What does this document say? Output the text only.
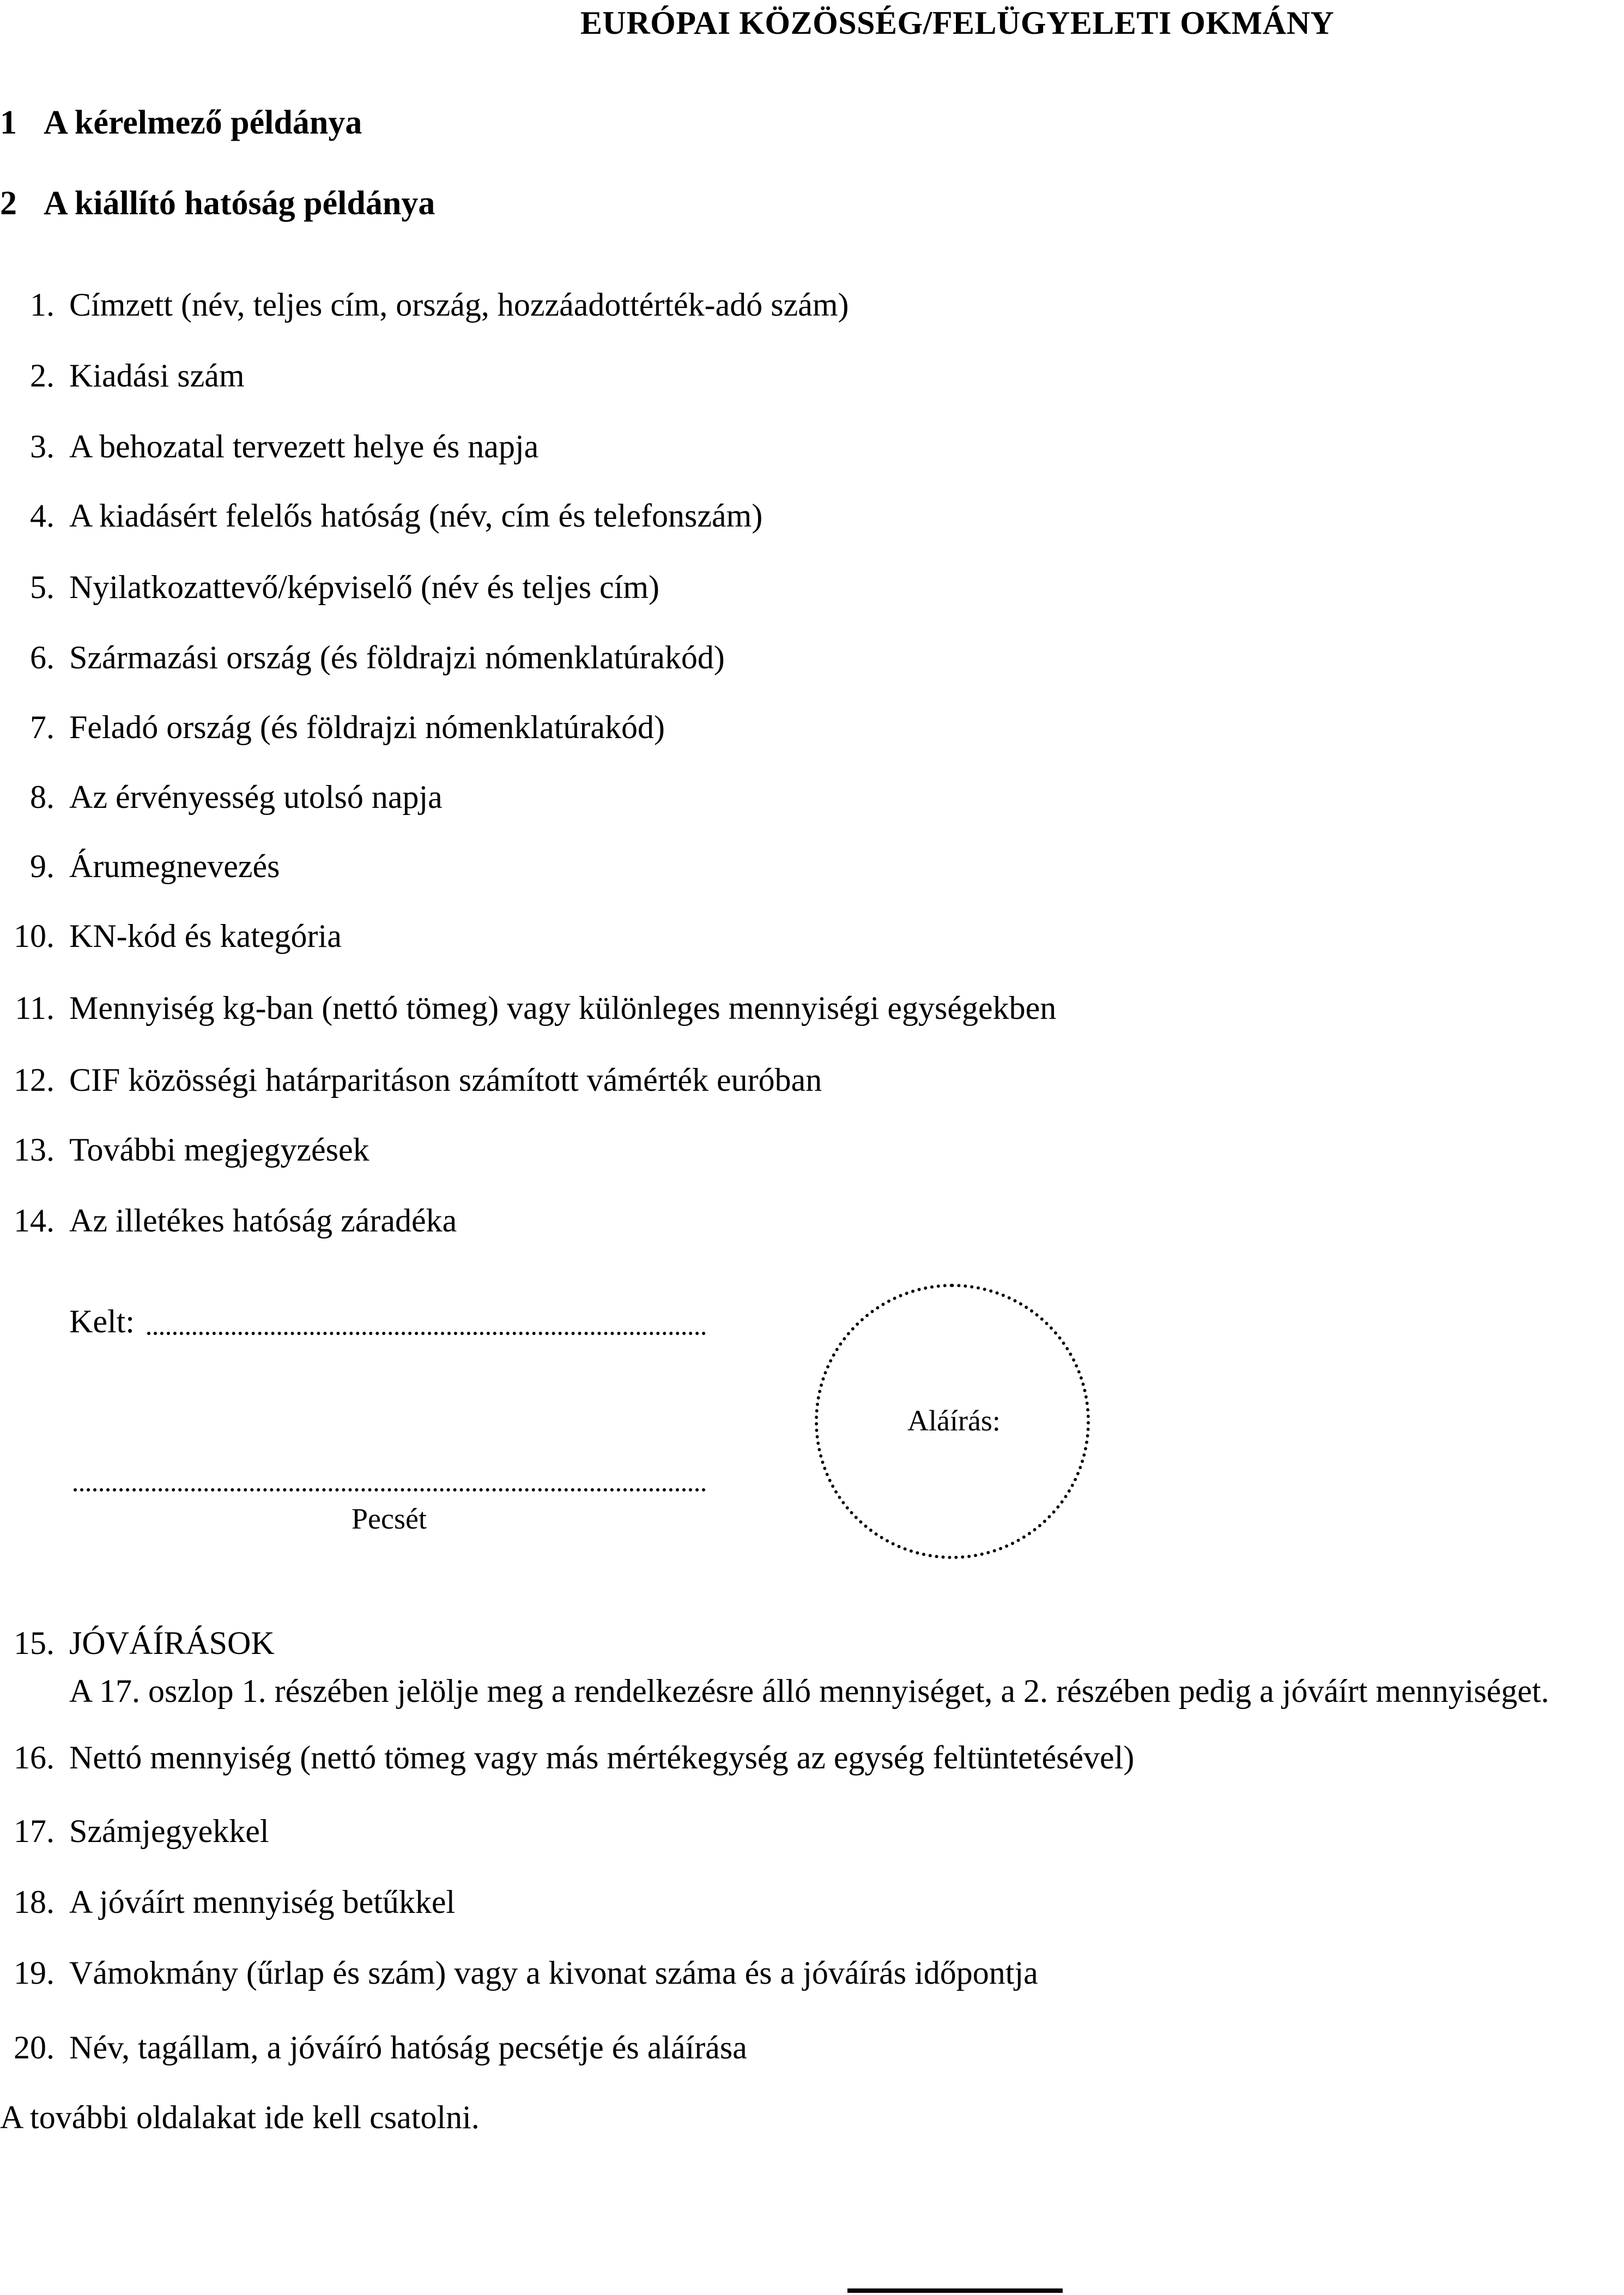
EURÓPAI KÖZÖSSÉG/FELÜGYELETI OKMÁNY
1 A kérelmező példánya
2 A kiállító hatóság példánya
1. Címzett (név, teljes cím, ország, hozzáadottérték-adó szám)
2. Kiadási szám
3. A behozatal tervezett helye és napja
4. A kiadásért felelős hatóság (név, cím és telefonszám)
5. Nyilatkozattevő/képviselő (név és teljes cím)
6. Származási ország (és földrajzi nómenklatúrakód)
7. Feladó ország (és földrajzi nómenklatúrakód)
8. Az érvényesség utolsó napja
9. Árumegnevezés
10. KN-kód és kategória
11. Mennyiség kg-ban (nettó tömeg) vagy különleges mennyiségi egységekben
12. CIF közösségi határparitáson számított vámérték euróban
13. További megjegyzések
14. Az illetékes hatóság záradéka
Kelt:
Pecsét
Aláírás:
15. JÓVÁÍRÁSOK
A 17. oszlop 1. részében jelölje meg a rendelkezésre álló mennyiséget, a 2. részében pedig a jóváírt mennyiséget.
16. Nettó mennyiség (nettó tömeg vagy más mértékegység az egység feltüntetésével)
17. Számjegyekkel
18. A jóváírt mennyiség betűkkel
19. Vámokmány (űrlap és szám) vagy a kivonat száma és a jóváírás időpontja
20. Név, tagállam, a jóváíró hatóság pecsétje és aláírása
A további oldalakat ide kell csatolni.
